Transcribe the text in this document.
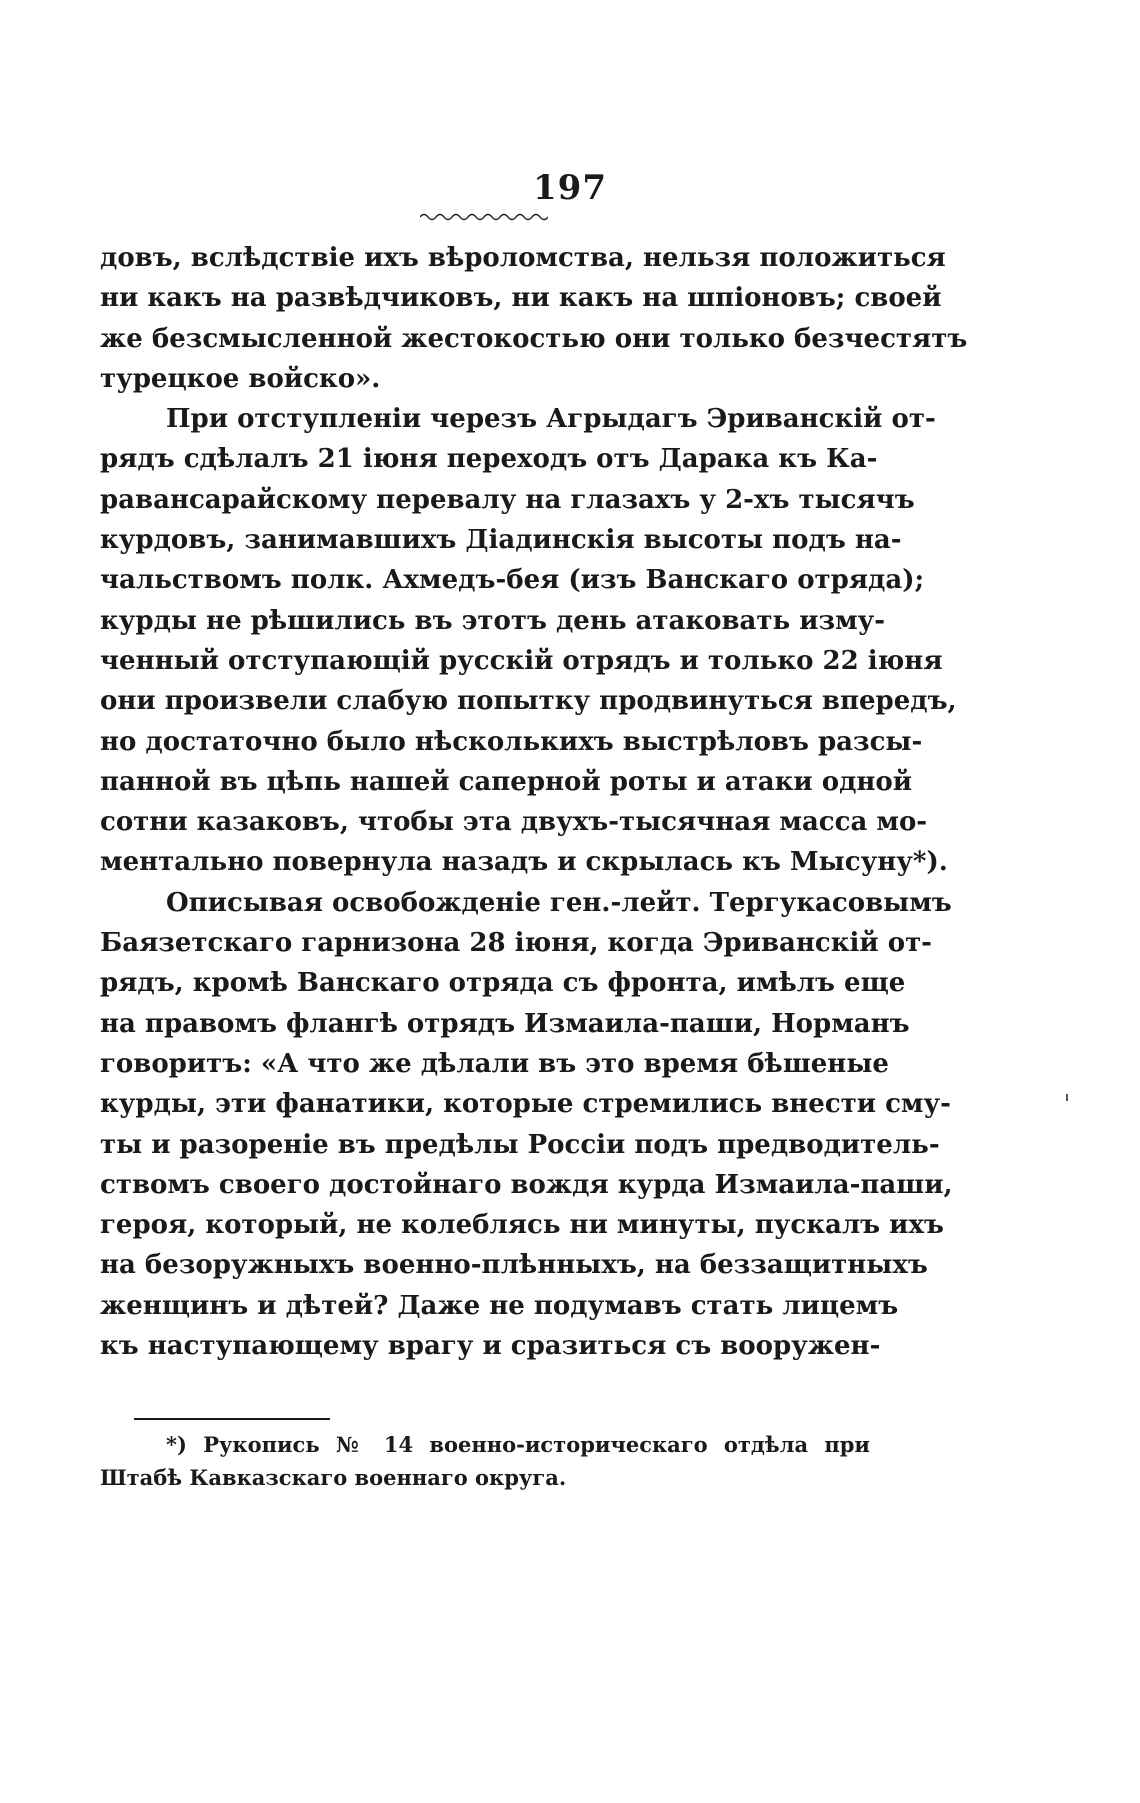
197
довъ, вслѣдствіе ихъ вѣроломства, нельзя положиться
ни какъ на развѣдчиковъ, ни какъ на шпіоновъ; своей
же безсмысленной жестокостью они только безчестятъ
турецкое войско».
При отступленіи черезъ Агрыдагъ Эриванскій от-
рядъ сдѣлалъ 21 іюня переходъ отъ Дарака къ Ка-
равансарайскому перевалу на глазахъ у 2-хъ тысячъ
курдовъ, занимавшихъ Діадинскія высоты подъ на-
чальствомъ полк. Ахмедъ-бея (изъ Ванскаго отряда);
курды не рѣшились въ этотъ день атаковать изму-
ченный отступающій русскій отрядъ и только 22 іюня
они произвели слабую попытку продвинуться впередъ,
но достаточно было нѣсколькихъ выстрѣловъ разсы-
панной въ цѣпь нашей саперной роты и атаки одной
сотни казаковъ, чтобы эта двухъ-тысячная масса мо-
ментально повернула назадъ и скрылась къ Мысуну*).
Описывая освобожденіе ген.-лейт. Тергукасовымъ
Баязетскаго гарнизона 28 іюня, когда Эриванскій от-
рядъ, кромѣ Ванскаго отряда съ фронта, имѣлъ еще
на правомъ флангѣ отрядъ Измаила-паши, Норманъ
говоритъ: «А что же дѣлали въ это время бѣшеные
курды, эти фанатики, которые стремились внести сму-
ты и разореніе въ предѣлы Россіи подъ предводитель-
ствомъ своего достойнаго вождя курда Измаила-паши,
героя, который, не колеблясь ни минуты, пускалъ ихъ
на безоружныхъ военно-плѣнныхъ, на беззащитныхъ
женщинъ и дѣтей? Даже не подумавъ стать лицемъ
къ наступающему врагу и сразиться съ вооружен-
*) Рукопись № 14 военно-историческаго отдѣла при
Штабѣ Кавказскаго военнаго округа.
